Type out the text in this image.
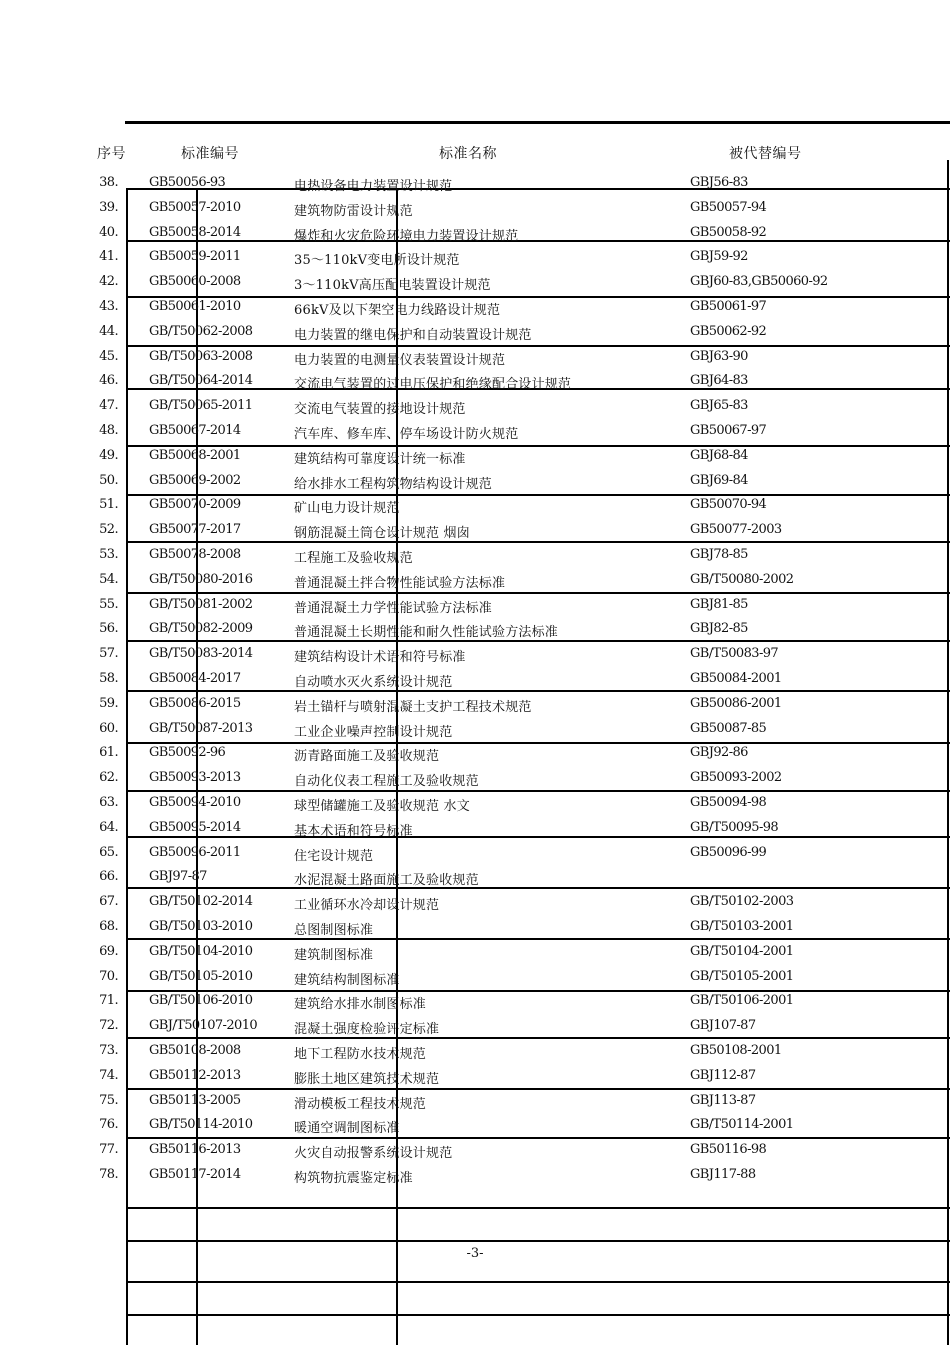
序号	标准编号	标准名称	被代替编号
38. GB50056-93	电热设备电力装置设计规范	GBJ56-83
39. GB50057-2010	建筑物防雷设计规范	GB50057-94
40. GB50058-2014	爆炸和火灾危险环境电力装置设计规范	GB50058-92
41. GB50059-2011	35～110kV变电所设计规范	GBJ59-92
42. GB50060-2008	3～110kV高压配电装置设计规范	GBJ60-83,GB50060-92
43. GB50061-2010	66kV及以下架空电力线路设计规范	GB50061-97
44. GB/T50062-2008	电力装置的继电保护和自动装置设计规范	GB50062-92
45. GB/T50063-2008	电力装置的电测量仪表装置设计规范	GBJ63-90
46. GB/T50064-2014	交流电气装置的过电压保护和绝缘配合设计规范	GBJ64-83
47. GB/T50065-2011	交流电气装置的接地设计规范	GBJ65-83
48. GB50067-2014	汽车库、修车库、停车场设计防火规范	GB50067-97
49. GB50068-2001	建筑结构可靠度设计统一标准	GBJ68-84
50. GB50069-2002	给水排水工程构筑物结构设计规范	GBJ69-84
51. GB50070-2009	矿山电力设计规范	GB50070-94
52. GB50077-2017	钢筋混凝土筒仓设计规范 烟囱	GB50077-2003
53. GB50078-2008	工程施工及验收规范	GBJ78-85
54. GB/T50080-2016	普通混凝土拌合物性能试验方法标准	GB/T50080-2002
55. GB/T50081-2002	普通混凝土力学性能试验方法标准	GBJ81-85
56. GB/T50082-2009	普通混凝土长期性能和耐久性能试验方法标准	GBJ82-85
57. GB/T50083-2014	建筑结构设计术语和符号标准	GB/T50083-97
58. GB50084-2017	自动喷水灭火系统设计规范	GB50084-2001
59. GB50086-2015	岩土锚杆与喷射混凝土支护工程技术规范	GB50086-2001
60. GB/T50087-2013	工业企业噪声控制设计规范	GB50087-85
61. GB50092-96	沥青路面施工及验收规范	GBJ92-86
62. GB50093-2013	自动化仪表工程施工及验收规范	GB50093-2002
63. GB50094-2010	球型储罐施工及验收规范 水文	GB50094-98
64. GB50095-2014	基本术语和符号标准	GB/T50095-98
65. GB50096-2011	住宅设计规范	GB50096-99
66. GBJ97-87	水泥混凝土路面施工及验收规范
67. GB/T50102-2014	工业循环水冷却设计规范	GB/T50102-2003
68. GB/T50103-2010	总图制图标准	GB/T50103-2001
69. GB/T50104-2010	建筑制图标准	GB/T50104-2001
70. GB/T50105-2010	建筑结构制图标准	GB/T50105-2001
71. GB/T50106-2010	建筑给水排水制图标准	GB/T50106-2001
72. GBJ/T50107-2010	混凝土强度检验评定标准	GBJ107-87
73. GB50108-2008	地下工程防水技术规范	GB50108-2001
74. GB50112-2013	膨胀土地区建筑技术规范	GBJ112-87
75. GB50113-2005	滑动模板工程技术规范	GBJ113-87
76. GB/T50114-2010	暖通空调制图标准	GB/T50114-2001
77. GB50116-2013	火灾自动报警系统设计规范	GB50116-98
78. GB50117-2014	构筑物抗震鉴定标准	GBJ117-88
-3-
